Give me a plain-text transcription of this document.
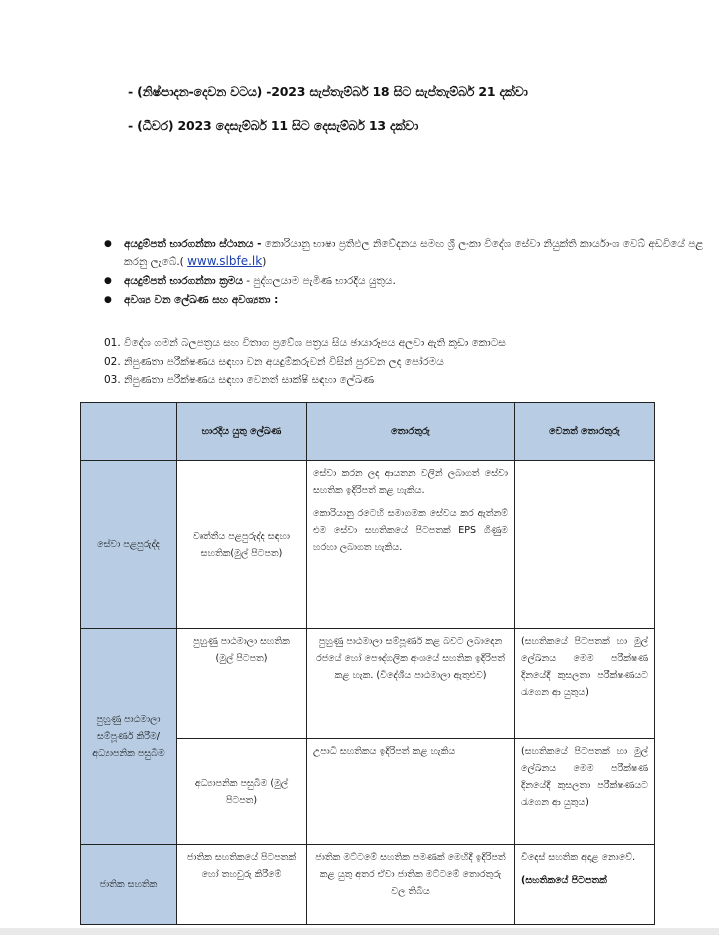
- (නිෂ්පාදන-දෙවන වටය) -2023 සැප්තැම්බර් 18 සිට සැප්තැම්බර් 21 දක්වා
- (ධීවර) 2023 දෙසැම්බර් 11 සිට දෙසැම්බර් 13 දක්වා
● අයදුම්පත් භාරගන්නා ස්ථානය - කොරියානු භාෂා ප්‍රතිඵල නිවේදනය සමඟ ශ්‍රී ලංකා විදේශ සේවා නියුක්ති කාර්යාංශ වෙබ් අඩවියේ පළ කරනු ලැබේ.( www.slbfe.lk)
● අයදුම්පත් භාරගන්නා ක්‍රමය - පුද්ගලයාම පැමිණ භාරදිය යුතුය.
● අවශ්‍ය වන ලේඛණ සහ අවශ්‍යතා :
01. විදේශ ගමන් බලපත්‍රය සහ විතාග ප්‍රවේශ පත්‍රය සිය ඡායාරූපය අලවා ඇති කුඩා කොටස
02. නිපුණතා පරීක්ෂණය සඳහා වන අයදුම්කරුවන් විසින් පුරවන ලද පෝරමය
03. නිපුණතා පරීක්ෂණය සඳහා වෙනත් සාක්ෂි සඳහා ලේඛණ
	භාරදිය යුතු ලේඛණ	තොරතුරු	වෙනත් තොරතුරු
සේවා පළපුරුද්ද	වෘත්තීය පළපුරුද්ද සඳහා සහතික(මුල් පිටපත)	සේවා කරන ලද ආයතන වලින් ලබාගත් සේවා සහතික ඉදිරිපත් කළ හැකිය.
කොරියානු රටෙහි සමාගමක සේවය කර ඇත්නම් එම සේවා සහතිකයේ පිටපතක් EPS ගිණුම හරහා ලබාගත හැකිය.	

පුහුණු පාඨමාලා සම්පූර්ණ කිරීම/අධ්‍යාපනික පසුබිම	පුහුණු පාඨමාලා සහතික (මුල් පිටපත)	පුහුණු පාඨමාලා සම්පූර්ණ කළ බවට ලබාදෙන රජයේ හෝ පෞද්ගලික අංශයේ සහතික ඉදිරිපත් කළ හැක. (විදේශීය පාඨමාලා ඇතුළුව)	(සහතිකයේ පිටපතක් හා මුල් ලේඛනය මෙම පරීක්ෂණ දිනයේදී කුසලතා පරීක්ෂණයට රැගෙන ආ යුතුය)
	අධ්‍යාපනික පසුබිම (මුල් පිටපත)	උපාධි සහතිකය ඉදිරිපත් කළ හැකිය	(සහතිකයේ පිටපතක් හා මුල් ලේඛනය මෙම පරීක්ෂණ දිනයේදී කුසලතා පරීක්ෂණයට රැගෙන ආ යුතුය)
ජාතික සහතික	ජාතික සහතිකයේ පිටපතක් හෝ තහවුරු කිරීමේ	ජාතික මට්ටමේ සහතික පමණක් මෙහිදී ඉදිරිපත් කළ යුතු අතර ඒවා ජාතික මට්ටමේ තොරතුරු වල තිබිය	විදෙස් සහතික අදාළ නොවේ.
(සහතිකයේ පිටපතක්
